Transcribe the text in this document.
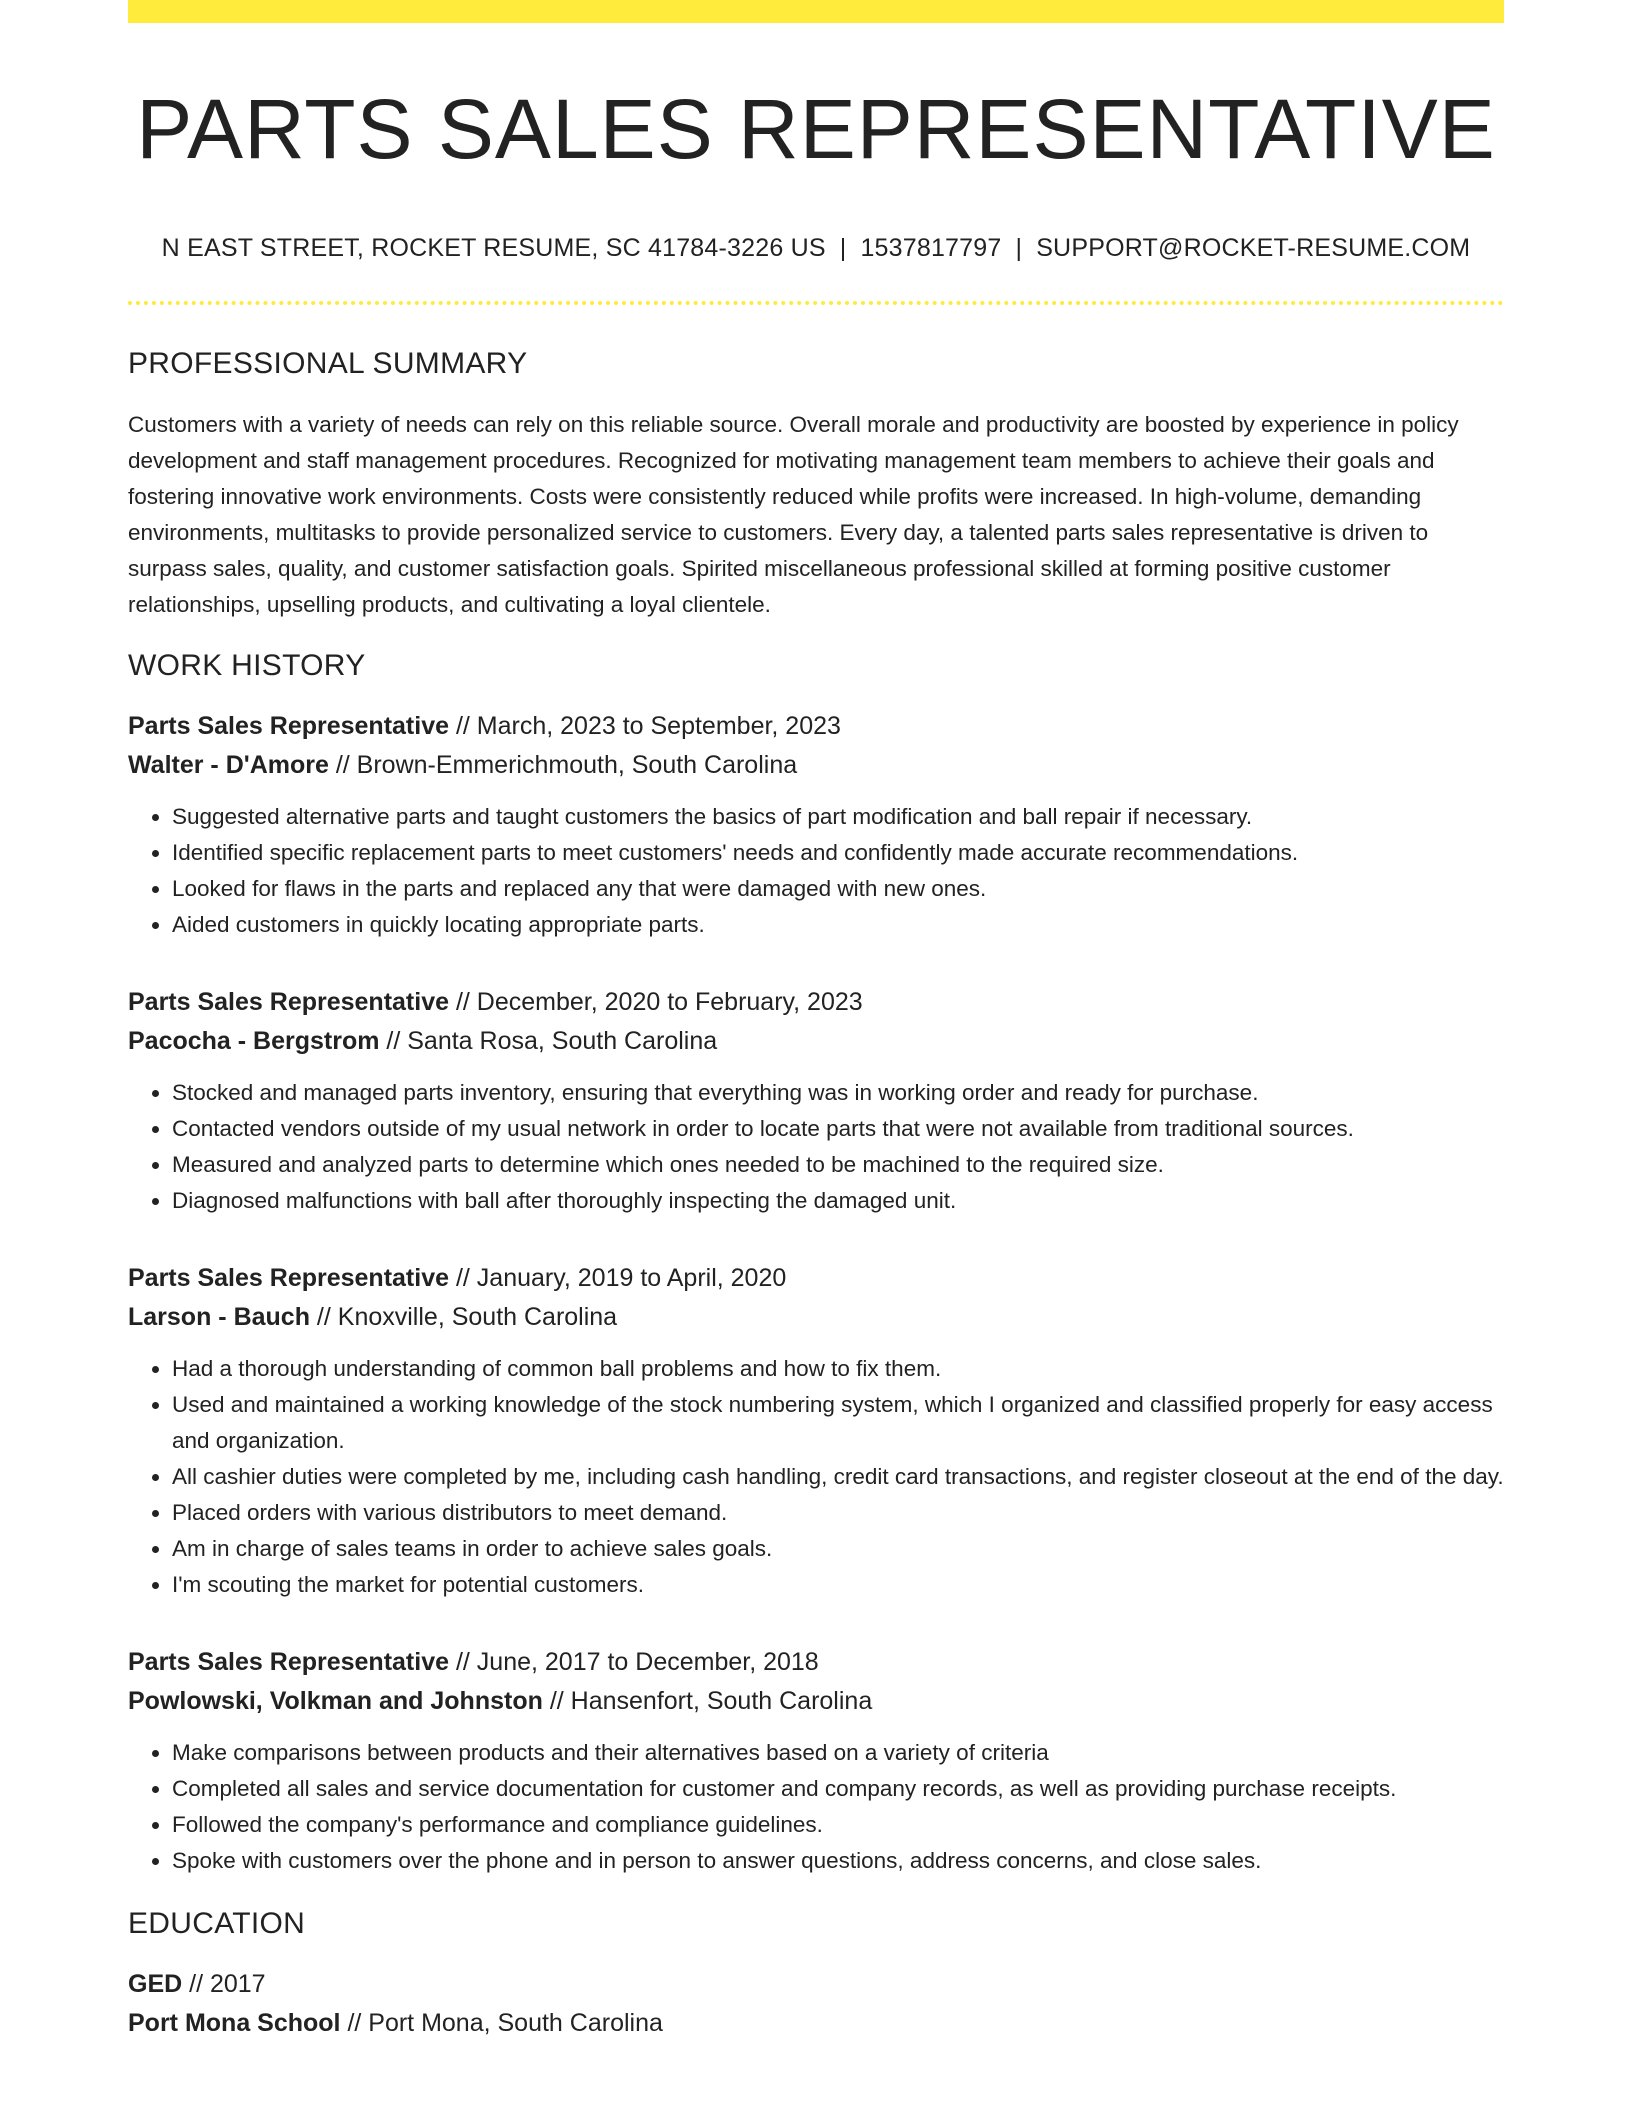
PARTS SALES REPRESENTATIVE
N EAST STREET, ROCKET RESUME, SC 41784-3226 US | 1537817797 | SUPPORT@ROCKET-RESUME.COM
PROFESSIONAL SUMMARY
Customers with a variety of needs can rely on this reliable source. Overall morale and productivity are boosted by experience in policy development and staff management procedures. Recognized for motivating management team members to achieve their goals and fostering innovative work environments. Costs were consistently reduced while profits were increased. In high-volume, demanding environments, multitasks to provide personalized service to customers. Every day, a talented parts sales representative is driven to surpass sales, quality, and customer satisfaction goals. Spirited miscellaneous professional skilled at forming positive customer relationships, upselling products, and cultivating a loyal clientele.
WORK HISTORY
Parts Sales Representative // March, 2023 to September, 2023
Walter - D'Amore // Brown-Emmerichmouth, South Carolina
• Suggested alternative parts and taught customers the basics of part modification and ball repair if necessary.
• Identified specific replacement parts to meet customers' needs and confidently made accurate recommendations.
• Looked for flaws in the parts and replaced any that were damaged with new ones.
• Aided customers in quickly locating appropriate parts.
Parts Sales Representative // December, 2020 to February, 2023
Pacocha - Bergstrom // Santa Rosa, South Carolina
• Stocked and managed parts inventory, ensuring that everything was in working order and ready for purchase.
• Contacted vendors outside of my usual network in order to locate parts that were not available from traditional sources.
• Measured and analyzed parts to determine which ones needed to be machined to the required size.
• Diagnosed malfunctions with ball after thoroughly inspecting the damaged unit.
Parts Sales Representative // January, 2019 to April, 2020
Larson - Bauch // Knoxville, South Carolina
• Had a thorough understanding of common ball problems and how to fix them.
• Used and maintained a working knowledge of the stock numbering system, which I organized and classified properly for easy access and organization.
• All cashier duties were completed by me, including cash handling, credit card transactions, and register closeout at the end of the day.
• Placed orders with various distributors to meet demand.
• Am in charge of sales teams in order to achieve sales goals.
• I'm scouting the market for potential customers.
Parts Sales Representative // June, 2017 to December, 2018
Powlowski, Volkman and Johnston // Hansenfort, South Carolina
• Make comparisons between products and their alternatives based on a variety of criteria
• Completed all sales and service documentation for customer and company records, as well as providing purchase receipts.
• Followed the company's performance and compliance guidelines.
• Spoke with customers over the phone and in person to answer questions, address concerns, and close sales.
EDUCATION
GED // 2017
Port Mona School // Port Mona, South Carolina
